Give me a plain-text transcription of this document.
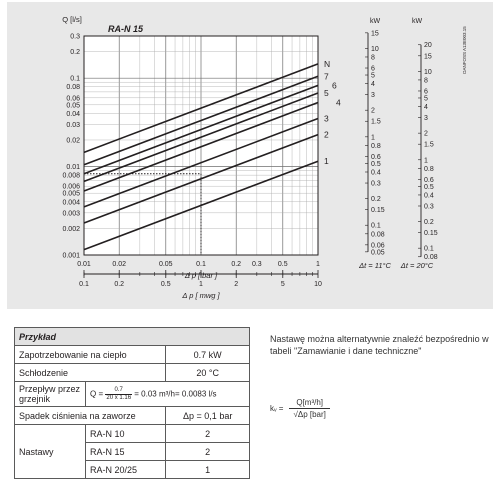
0.001
0.002
0.003
0.004
0.005
0.006
0.008
0.01
0.02
0.03
0.04
0.05
0.06
0.08
0.1
0.2
0.3
0.01	0.02	0.05	0.1	0.2 0.3 0.5	1
Q [l/s]
RA-N 15
Δ p [ bar ]
1
2
3
4
5
6
7
N
0.1	0.2	0.5	1	2	5	10
Δ p [ mwg ]
15
10
8
6
5
4
3
2
1.5
1
0.8
0.6
0.5
0.4
0.3
0.2
0.15
0.1
0.08
0.06
0.05
kW
Δt = 11°C
20
15
10
8
6
5
4
3
2
1.5
1
0.8
0.6
0.5
0.4
0.3
0.2
0.15
0.1
0.08
kW
Δt = 20°C
DANFOSS A13E003.15
Przykład		
Zapotrzebowanie na ciepło		0.7 kW
Schłodzenie		20 °C
Przepływ przez grzejnik	$Q = \frac{0.7}{20 x 1.16} = 0.03$ m³/h= 0.0083 l/s	
Spadek ciśnienia na zaworze		Δp = 0,1 bar
Nastawy	RA-N 10	2
	RA-N 15	2
	RA-N 20/25	1
Nastawę można alternatywnie znaleźć bezpośrednio w tabeli "Zamawianie i dane techniczne"
kᵥ = $\frac{\text{Q[m³/h]}}{\text{√Δp [bar]}}$
